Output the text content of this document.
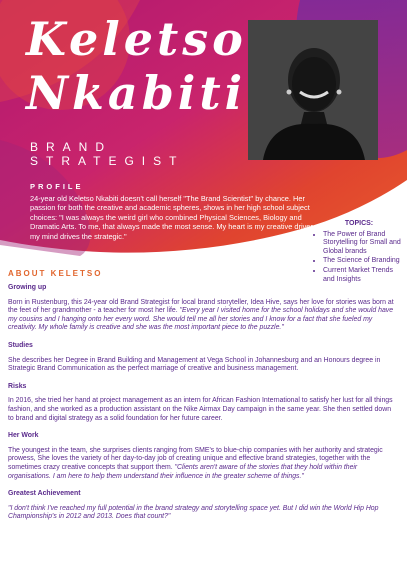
Keletso
Nkabiti
BRAND
STRATEGIST
PROFILE
24-year old Keletso Nkabiti doesn't call herself "The Brand Scientist" by chance. Her passion for both the creative and academic spheres, shows in her high school subject choices: "I was always the weird girl who combined Physical Sciences, Biology and Dramatic Arts. To me, that always made the most sense. My heart is my creative driver and my mind drives the strategic."
TOPICS:
• The Power of Brand Storytelling for Small and Global brands
• The Science of Branding
• Current Market Trends and Insights
ABOUT KELETSO
Growing up

Born in Rustenburg, this 24-year old Brand Strategist for local brand storyteller, Idea Hive, says her love for stories was born at the feet of her grandmother - a teacher for most her life. "Every year I visited home for the school holidays and she would have my cousins and I hanging onto her every word. She would tell me all her stories and I know for a fact that she fueled my creativity. My whole family is creative and she was the most important piece to the puzzle."

Studies

She describes her Degree in Brand Building and Management at Vega School in Johannesburg and an Honours degree in Strategic Brand Communication as the perfect marriage of creative and business management.

Risks

In 2016, she tried her hand at project management as an intern for African Fashion International to satisfy her lust for all things fashion, and she worked as a production assistant on the Nike Airmax Day campaign in the same year. She then settled down to brand and digital strategy as a solid foundation for her future career.

Her Work

The youngest in the team, she surprises clients ranging from SME's to blue-chip companies with her authority and strategic prowess, She loves the variety of her day-to-day job of creating unique and effective brand strategies, together with the sometimes crazy creative concepts that support them. "Clients aren't aware of the stories that they hold within their organisations. I am here to help them understand their influence in the greater scheme of things."

Greatest Achievement

"I don't think I've reached my full potential in the brand strategy and storytelling space yet. But I did win the World Hip Hop Championship's in 2012 and 2013. Does that count?"
